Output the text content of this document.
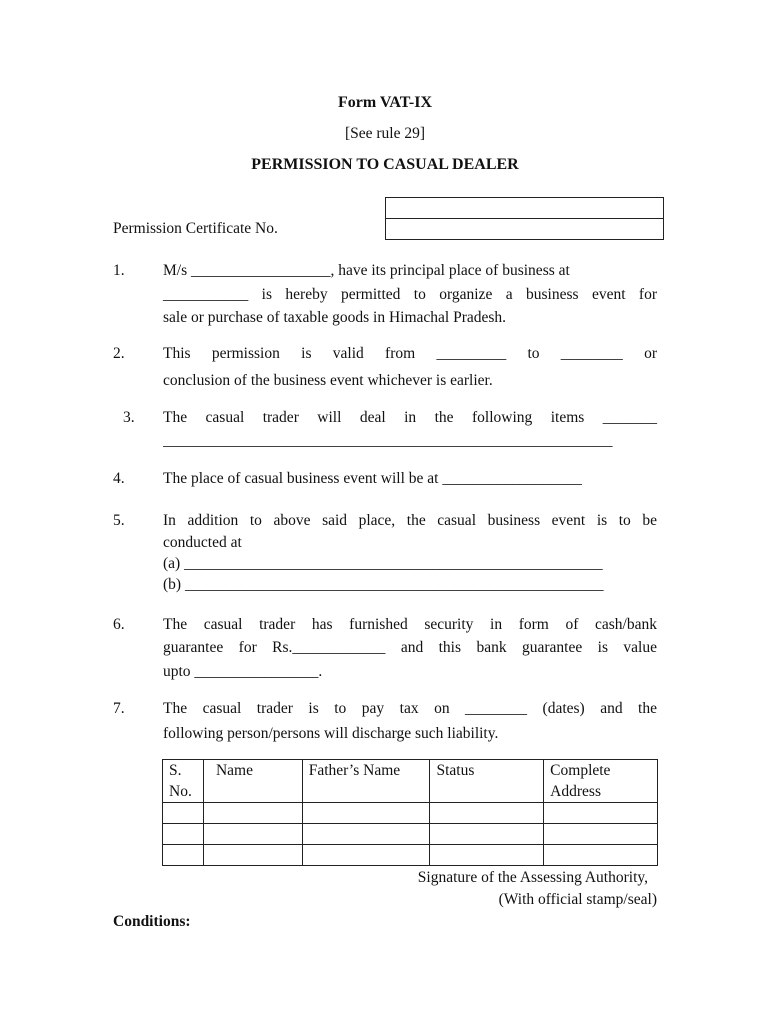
Form VAT-IX
[See rule 29]
PERMISSION TO CASUAL DEALER
Permission Certificate No.
1.	M/s __________________, have its principal place of business at
___________ is hereby permitted to organize a business event for
sale or purchase of taxable goods in Himachal Pradesh.
2.	This permission is valid from _________ to ________ or
conclusion of the business event whichever is earlier.
3.	The casual trader will deal in the following items _______
__________________________________________________________
4.	The place of casual business event will be at __________________
5.	In addition to above said place, the casual business event is to be
conducted at
(a) ______________________________________________________
(b) ______________________________________________________
6.	The casual trader has furnished security in form of cash/bank
guarantee for Rs.____________ and this bank guarantee is value
upto ________________.
7.	The casual trader is to pay tax on ________ (dates) and the
following person/persons will discharge such liability.
S. No.	Name	Father’s Name	Status	Complete Address

Signature of the Assessing Authority,
(With official stamp/seal)
Conditions:
